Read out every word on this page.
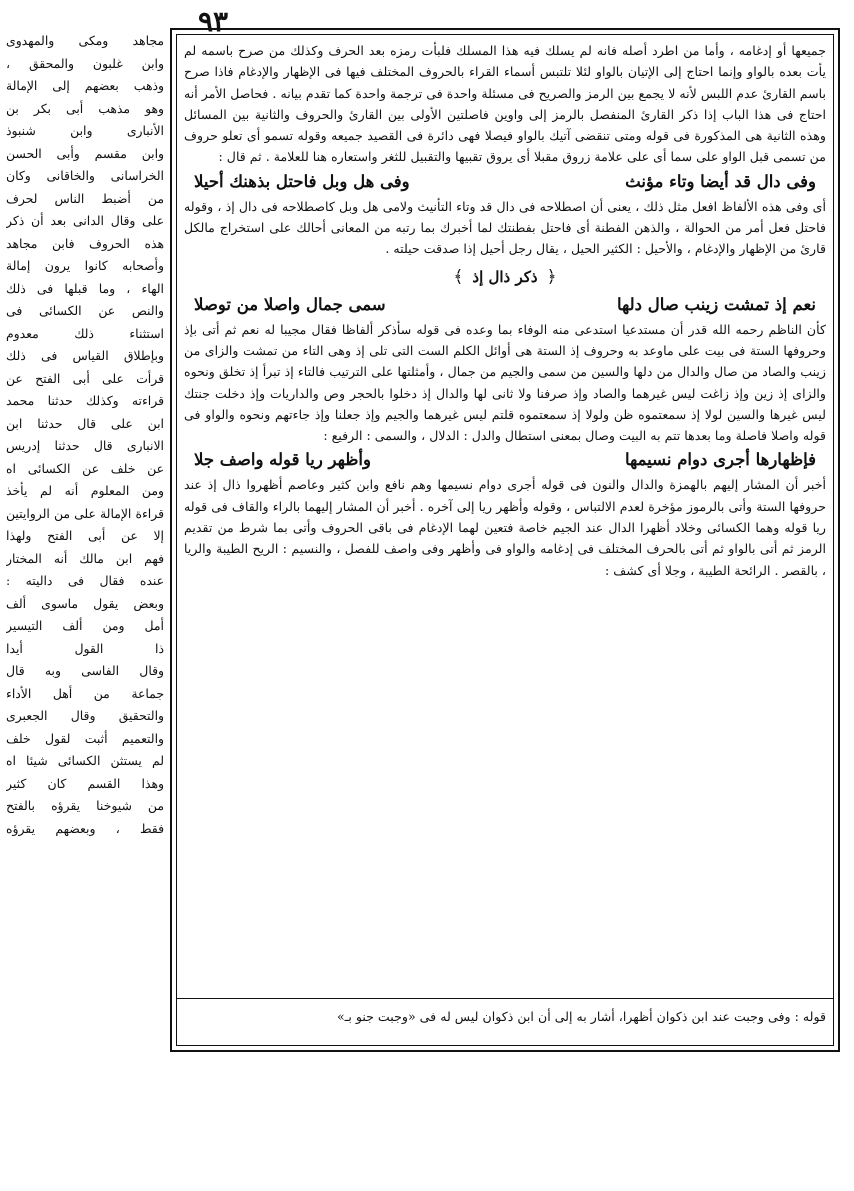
٩٣

جميعها أو إدغامه ، وأما من اطرد أصله فانه لم يسلك فيه هذا المسلك فلبأت رمزه بعد الحرف وكذلك من صرح باسمه لم يأت بعده بالواو وإنما احتاج إلى الإتيان بالواو لئلا تلتبس أسماء القراء بالحروف المختلف فيها فى الإظهار والإدغام فاذا صرح باسم القارئ عدم اللبس لأنه لا يجمع بين الرمز والصريح فى مسئلة واحدة فى ترجمة واحدة كما تقدم بيانه . فحاصل الأمر أنه احتاج فى هذا الباب إذا ذكر القارئ المنفصل بالرمز إلى واوين فاصلتين الأولى بين القارئ والحروف والثانية بين المسائل وهذه الثانية هى المذكورة فى قوله ومتى تنقضى آتيك بالواو فيصلا فهى دائرة فى القصيد جميعه وقوله تسمو أى تعلو حروف من تسمى قبل الواو على سما أى على علامة زروق مقبلا أى يروق تقبيها والتقبيل للثغر واستعاره هنا للعلامة . ثم قال :

وفى دال قد أيضا وتاء مؤنث
وفى هل وبل فاحتل بذهنك أحيلا

أى وفى هذه الألفاظ افعل مثل ذلك ، يعنى أن اصطلاحه فى دال قد وتاء التأنيث ولامى هل وبل كاصطلاحه فى دال إذ ، وقوله فاحتل فعل أمر من الحوالة ، والذهن الفطنة أى فاحتل بفطنتك لما أخبرك بما رتبه من المعانى أحالك على استخراج مالكل قارئ من الإظهار والإدغام ، والأحيل : الكثير الحيل ، يقال رجل أحيل إذا صدقت حيلته .

﴿ ذكر ذال إذ ﴾
نعم إذ تمشت زينب صال دلها
سمى جمال واصلا من توصلا

كأن الناظم رحمه الله قدر أن مستدعيا استدعى منه الوفاء بما وعده فى قوله سأذكر ألفاظا فقال مجيبا له نعم ثم أتى بإذ وحروفها الستة فى بيت على ماوعد به وحروف إذ الستة هى أوائل الكلم الست التى تلى إذ وهى التاء من تمشت والزاى من زينب والصاد من صال والدال من دلها والسين من سمى والجيم من جمال ، وأمثلتها على الترتيب فالتاء إذ تبرأ إذ تخلق ونحوه والزاى إذ زين وإذ زاغت ليس غيرهما والصاد وإذ صرفنا ولا ثانى لها والدال إذ دخلوا بالحجر وص والداريات وإذ دخلت جنتك ليس غيرها والسين لولا إذ سمعتموه ظن ولولا إذ سمعتموه قلتم ليس غيرهما والجيم وإذ جعلنا وإذ جاءتهم ونحوه والواو فى قوله واصلا فاصلة وما بعدها تتم به البيت وصال بمعنى استطال والدل : الدلال ، والسمى : الرفيع :

فإظهارها أجرى دوام نسيمها
وأظهر ريا قوله واصف جلا

أخبر أن المشار إليهم بالهمزة والدال والنون فى قوله أجرى دوام نسيمها وهم نافع وابن كثير وعاصم أظهروا ذال إذ عند حروفها الستة وأتى بالرموز مؤخرة لعدم الالتباس ، وقوله وأظهر ريا إلى آخره . أخبر أن المشار إليهما بالراء والقاف فى قوله ريا قوله وهما الكسائى وخلاد أظهرا الدال عند الجيم خاصة فتعين لهما الإدغام فى باقى الحروف وأتى بما شرط من تقديم الرمز ثم أتى بالواو ثم أتى بالحرف المختلف فى إدغامه والواو فى وأظهر وفى واصف للفصل ، والنسيم : الريح الطيبة والريا ، بالقصر . الرائحة الطيبة ، وجلا أى كشف :

قوله : وفى وجبت عند ابن ذكوان أظهرا، أشار به إلى أن ابن ذكوان ليس له فى «وجبت جنو بـ»
مجاهد ومكى والمهدوى
وابن غلبون والمحقق ،
وذهب بعضهم إلى الإمالة
وهو مذهب أبى بكر بن
الأنبارى وابن شنبوذ
وابن مقسم وأبى الحسن
الخراسانى والخاقانى وكان
من أضبط الناس لحرف
على وقال الدانى بعد أن ذكر
هذه الحروف فابن مجاهد
وأصحابه كانوا يرون إمالة
الهاء ، وما قبلها فى ذلك
والنص عن الكسائى فى
استثناء ذلك معدوم
وبإطلاق القياس فى ذلك
قرأت على أبى الفتح عن
قراءته وكذلك حدثنا محمد
ابن على قال حدثنا ابن
الانبارى قال حدثنا إدريس
عن خلف عن الكسائى اه
ومن المعلوم أنه لم يأخذ
قراءة الإمالة على من الروايتين
إلا عن أبى الفتح ولهذا
فهم ابن مالك أنه المختار
عنده فقال فى داليته :
وبعض يقول ماسوى ألف
أمل ومن ألف التيسير
ذا القول أيدا
وقال الفاسى وبه قال
جماعة من أهل الأداء
والتحقيق وقال الجعبرى
والتعميم أثبت لقول خلف
لم يستثن الكسائى شيئا اه
وهذا القسم كان كثير
من شيوخنا يقرؤه بالفتح
فقط ، وبعضهم يقرؤه
